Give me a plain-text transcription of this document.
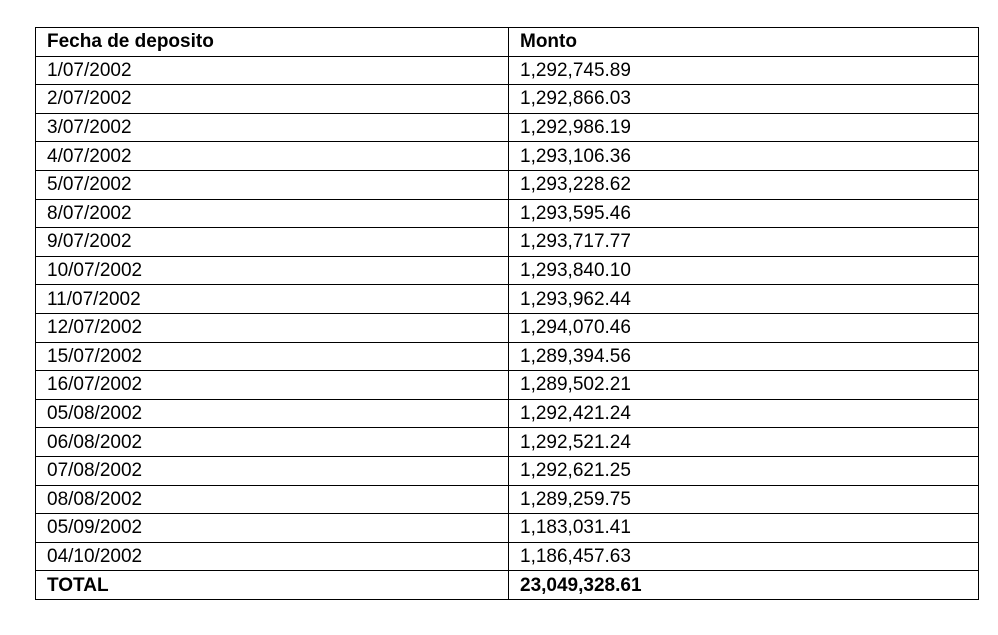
Fecha de deposito	Monto
1/07/2002	1,292,745.89
2/07/2002	1,292,866.03
3/07/2002	1,292,986.19
4/07/2002	1,293,106.36
5/07/2002	1,293,228.62
8/07/2002	1,293,595.46
9/07/2002	1,293,717.77
10/07/2002	1,293,840.10
11/07/2002	1,293,962.44
12/07/2002	1,294,070.46
15/07/2002	1,289,394.56
16/07/2002	1,289,502.21
05/08/2002	1,292,421.24
06/08/2002	1,292,521.24
07/08/2002	1,292,621.25
08/08/2002	1,289,259.75
05/09/2002	1,183,031.41
04/10/2002	1,186,457.63
TOTAL	23,049,328.61
